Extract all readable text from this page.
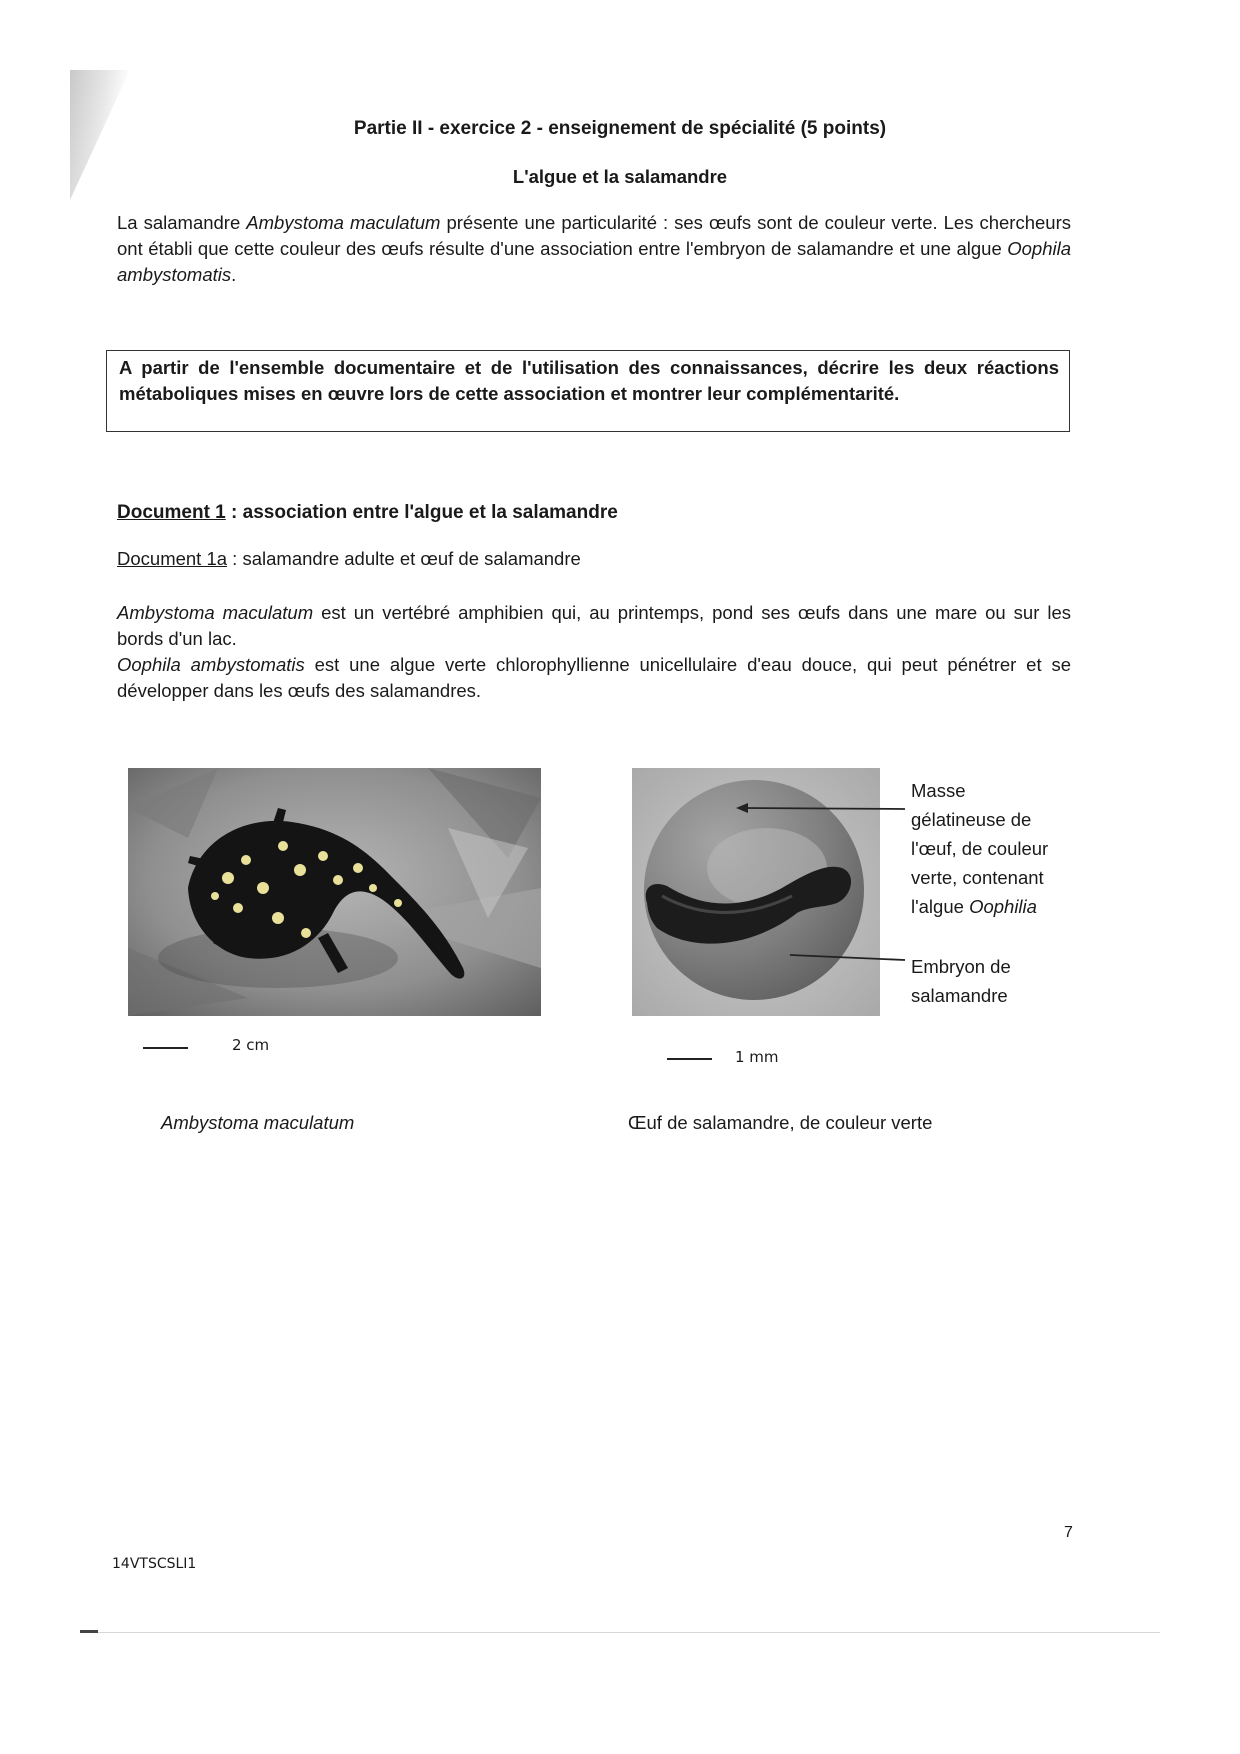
Partie II - exercice 2 - enseignement de spécialité (5 points)
L'algue et la salamandre
La salamandre Ambystoma maculatum présente une particularité : ses œufs sont de couleur verte. Les chercheurs ont établi que cette couleur des œufs résulte d'une association entre l'embryon de salamandre et une algue Oophila ambystomatis.
A partir de l'ensemble documentaire et de l'utilisation des connaissances, décrire les deux réactions métaboliques mises en œuvre lors de cette association et montrer leur complémentarité.
Document 1 : association entre l'algue et la salamandre
Document 1a : salamandre adulte et œuf de salamandre
Ambystoma maculatum est un vertébré amphibien qui, au printemps, pond ses œufs dans une mare ou sur les bords d'un lac.
Oophila ambystomatis est une algue verte chlorophyllienne unicellulaire d'eau douce, qui peut pénétrer et se développer dans les œufs des salamandres.
2 cm
Ambystoma maculatum
Masse
gélatineuse de
l'œuf, de couleur
verte, contenant
l'algue Oophilia
Embryon de
salamandre
1 mm
Œuf de salamandre, de couleur verte
7
14VTSCSLI1
